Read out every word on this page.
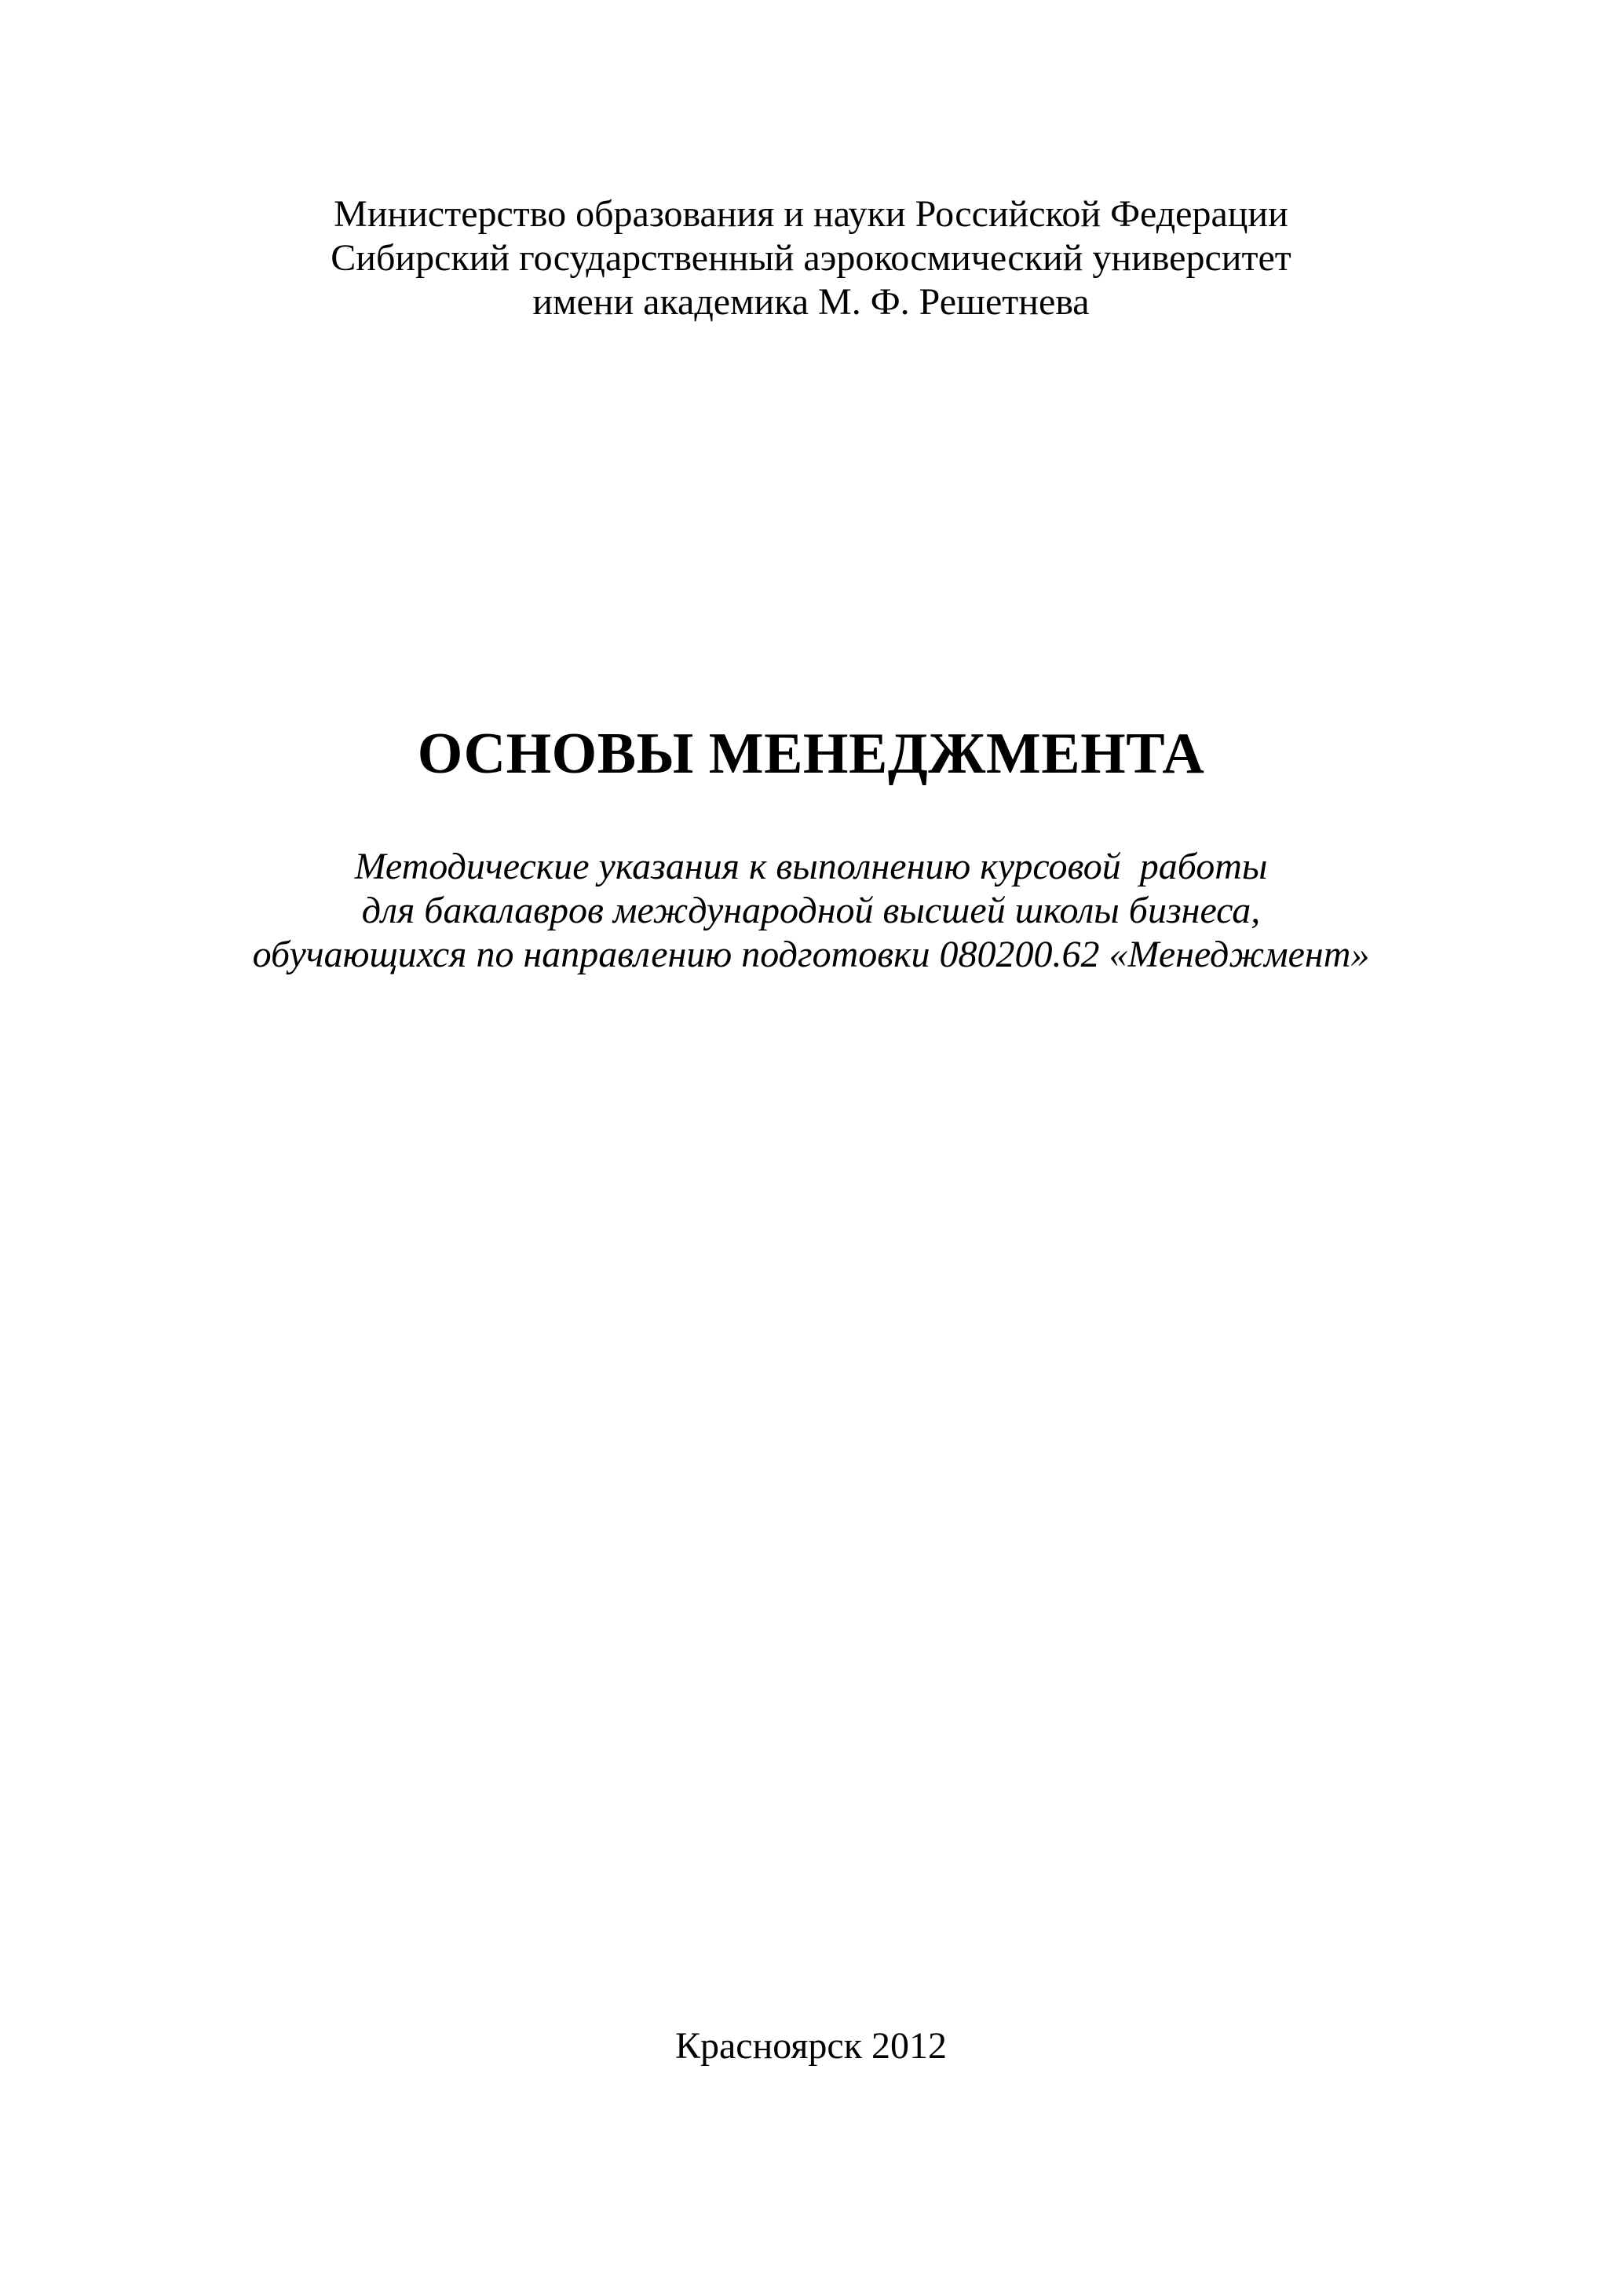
Министерство образования и науки Российской Федерации
Сибирский государственный аэрокосмический университет
имени академика М. Ф. Решетнева
ОСНОВЫ МЕНЕДЖМЕНТА
Методические указания к выполнению курсовой  работы
для бакалавров международной высшей школы бизнеса,
обучающихся по направлению подготовки 080200.62 «Менеджмент»
Красноярск 2012
